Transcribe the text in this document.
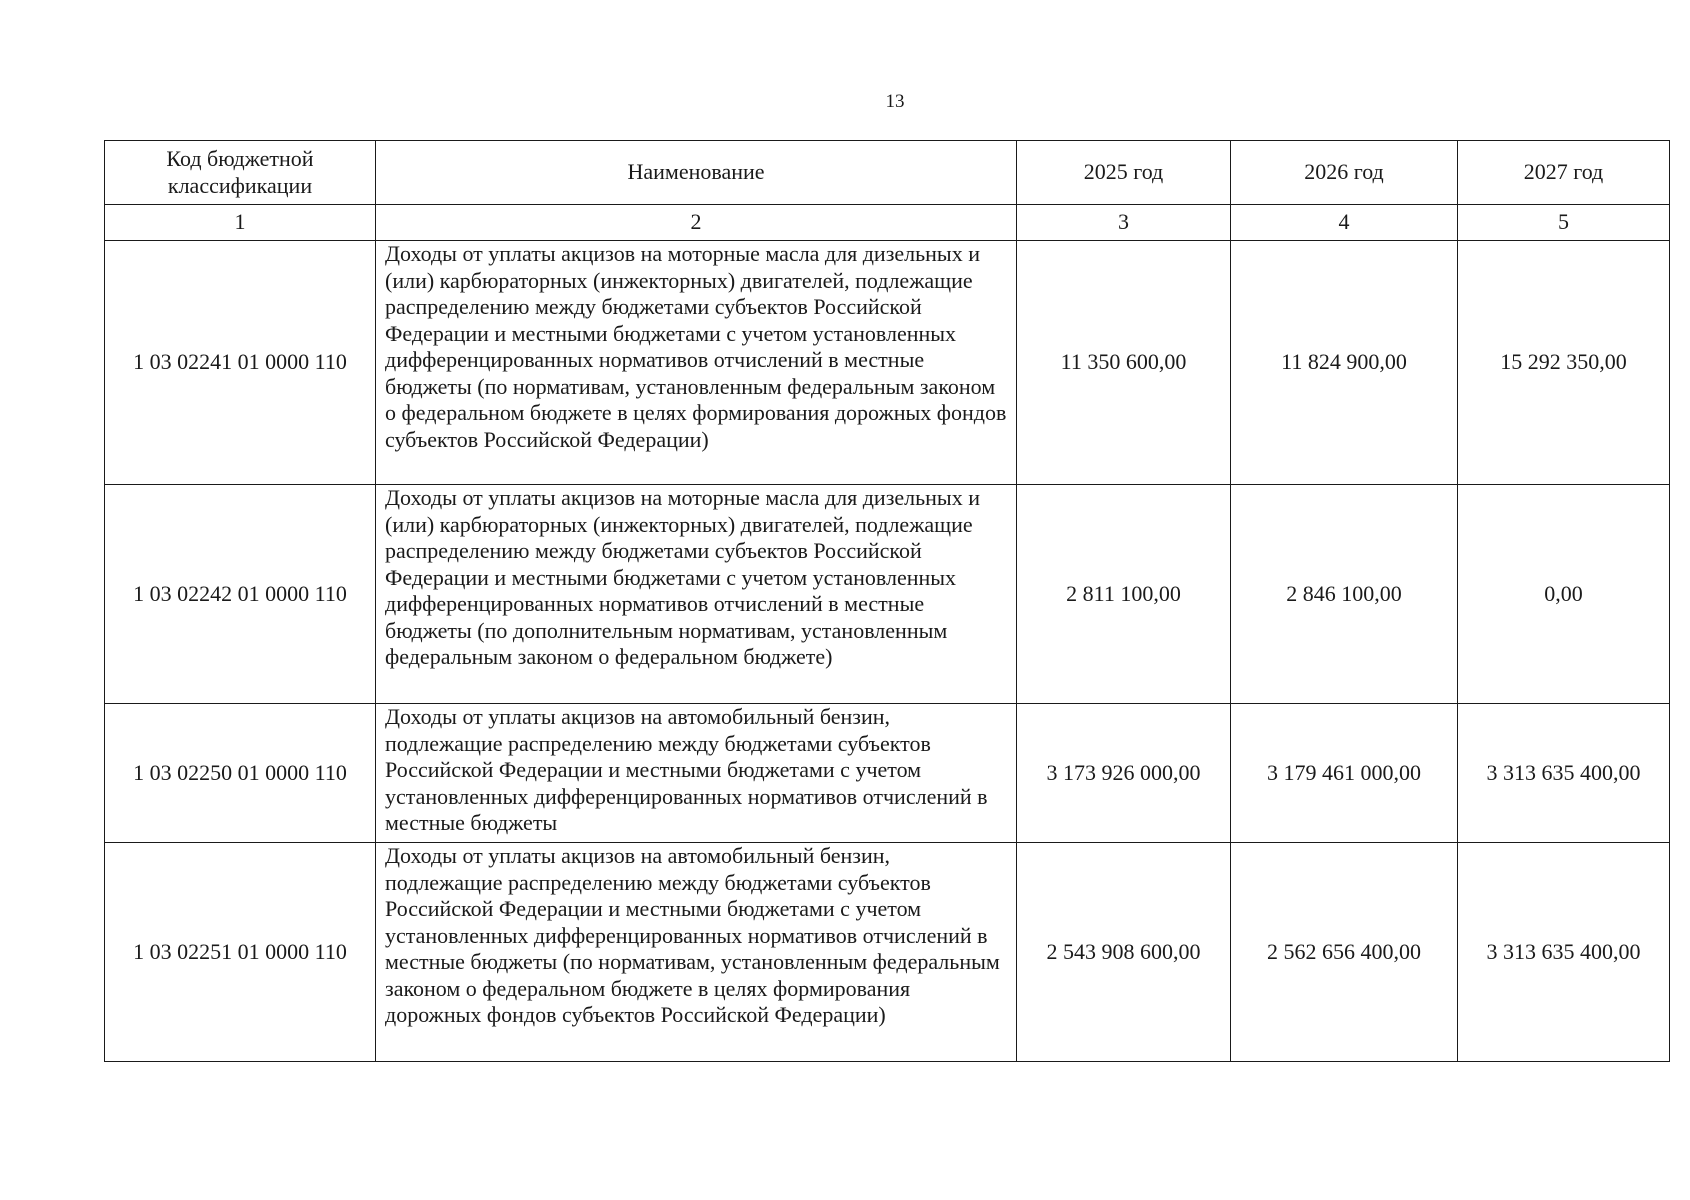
13
Код бюджетной классификации	Наименование	2025 год	2026 год	2027 год
1	2	3	4	5
1 03 02241 01 0000 110	Доходы от уплаты акцизов на моторные масла для дизельных и (или) карбюраторных (инжекторных) двигателей, подлежащие распределению между бюджетами субъектов Российской Федерации и местными бюджетами с учетом установленных дифференцированных нормативов отчислений в местные бюджеты (по нормативам, установленным федеральным законом о федеральном бюджете в целях формирования дорожных фондов субъектов Российской Федерации)	11 350 600,00	11 824 900,00	15 292 350,00
1 03 02242 01 0000 110	Доходы от уплаты акцизов на моторные масла для дизельных и (или) карбюраторных (инжекторных) двигателей, подлежащие распределению между бюджетами субъектов Российской Федерации и местными бюджетами с учетом установленных дифференцированных нормативов отчислений в местные бюджеты (по дополнительным нормативам, установленным федеральным законом о федеральном бюджете)	2 811 100,00	2 846 100,00	0,00
1 03 02250 01 0000 110	Доходы от уплаты акцизов на автомобильный бензин, подлежащие распределению между бюджетами субъектов Российской Федерации и местными бюджетами с учетом установленных дифференцированных нормативов отчислений в местные бюджеты	3 173 926 000,00	3 179 461 000,00	3 313 635 400,00
1 03 02251 01 0000 110	Доходы от уплаты акцизов на автомобильный бензин, подлежащие распределению между бюджетами субъектов Российской Федерации и местными бюджетами с учетом установленных дифференцированных нормативов отчислений в местные бюджеты (по нормативам, установленным федеральным законом о федеральном бюджете в целях формирования дорожных фондов субъектов Российской Федерации)	2 543 908 600,00	2 562 656 400,00	3 313 635 400,00
